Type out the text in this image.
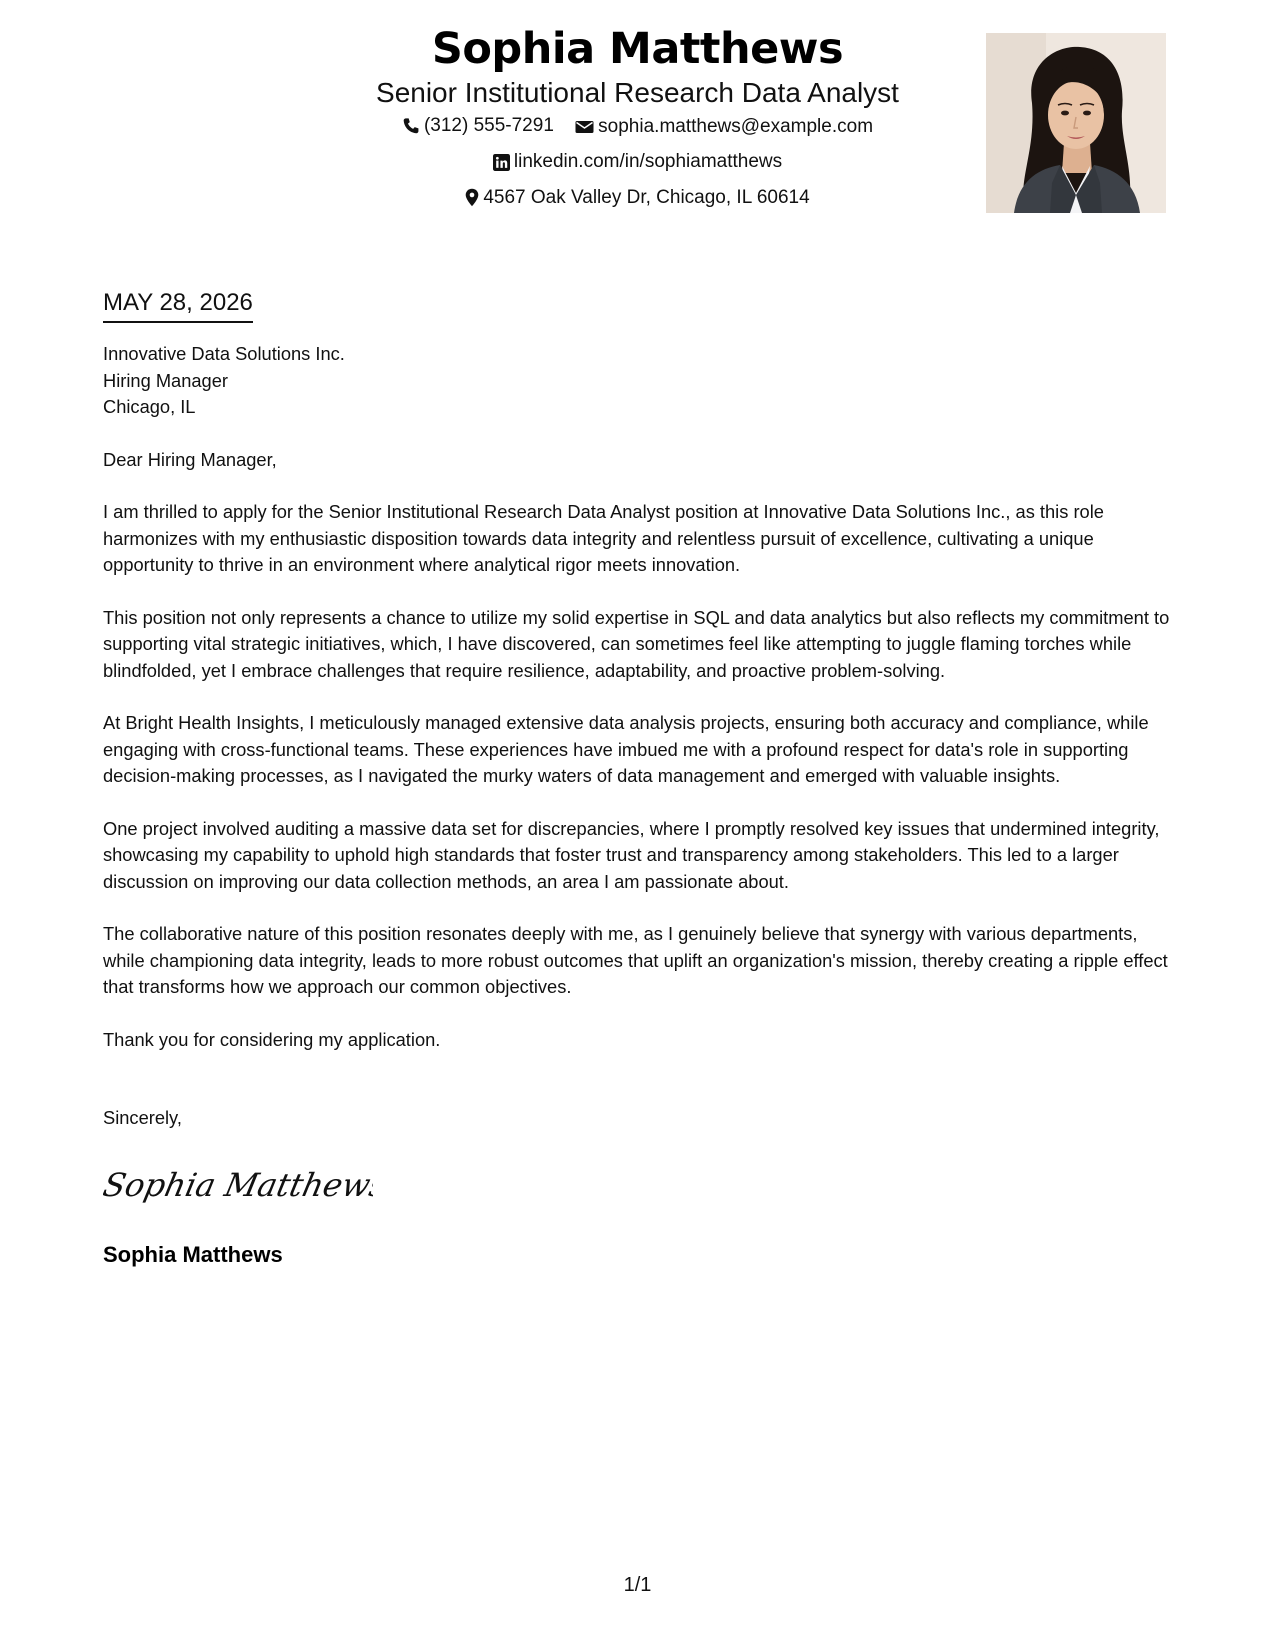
Sophia Matthews
Senior Institutional Research Data Analyst
(312) 555-7291
sophia.matthews@example.com
linkedin.com/in/sophiamatthews
4567 Oak Valley Dr, Chicago, IL 60614
MAY 28, 2026
Innovative Data Solutions Inc.
Hiring Manager
Chicago, IL
Dear Hiring Manager,
I am thrilled to apply for the Senior Institutional Research Data Analyst position at Innovative Data Solutions Inc., as this role harmonizes with my enthusiastic disposition towards data integrity and relentless pursuit of excellence, cultivating a unique opportunity to thrive in an environment where analytical rigor meets innovation.
This position not only represents a chance to utilize my solid expertise in SQL and data analytics but also reflects my commitment to supporting vital strategic initiatives, which, I have discovered, can sometimes feel like attempting to juggle flaming torches while blindfolded, yet I embrace challenges that require resilience, adaptability, and proactive problem-solving.
At Bright Health Insights, I meticulously managed extensive data analysis projects, ensuring both accuracy and compliance, while engaging with cross-functional teams. These experiences have imbued me with a profound respect for data's role in supporting decision-making processes, as I navigated the murky waters of data management and emerged with valuable insights.
One project involved auditing a massive data set for discrepancies, where I promptly resolved key issues that undermined integrity, showcasing my capability to uphold high standards that foster trust and transparency among stakeholders. This led to a larger discussion on improving our data collection methods, an area I am passionate about.
The collaborative nature of this position resonates deeply with me, as I genuinely believe that synergy with various departments, while championing data integrity, leads to more robust outcomes that uplift an organization's mission, thereby creating a ripple effect that transforms how we approach our common objectives.
Thank you for considering my application.
Sincerely,
Sophia Matthews
Sophia Matthews
1/1
